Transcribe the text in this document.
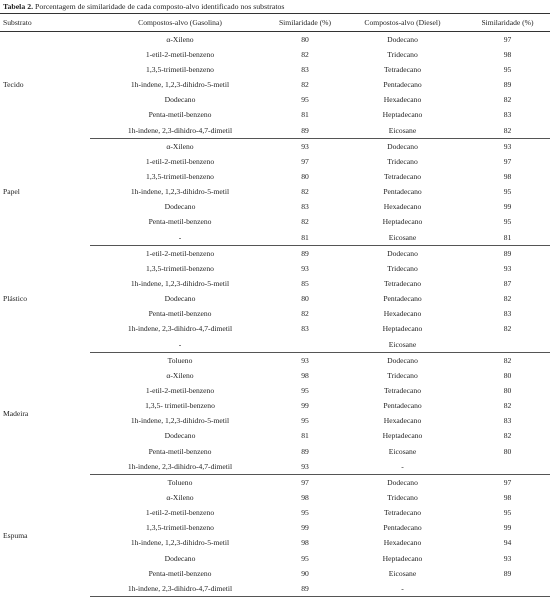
Tabela 2. Porcentagem de similaridade de cada composto-alvo identificado nos substratos
Substrato	Compostos-alvo (Gasolina)	Similaridade (%)	Compostos-alvo (Diesel)	Similaridade (%)
Tecido	α-Xileno	80	Dodecano	97
	1-etil-2-metil-benzeno	82	Tridecano	98
	1,3,5-trimetil-benzeno	83	Tetradecano	95
	1h-indene, 1,2,3-dihidro-5-metil	82	Pentadecano	89
	Dodecano	95	Hexadecano	82
	Penta-metil-benzeno	81	Heptadecano	83
	1h-indene, 2,3-dihidro-4,7-dimetil	89	Eicosane	82
Papel	α-Xileno	93	Dodecano	93
	1-etil-2-metil-benzeno	97	Tridecano	97
	1,3,5-trimetil-benzeno	80	Tetradecano	98
	1h-indene, 1,2,3-dihidro-5-metil	82	Pentadecano	95
	Dodecano	83	Hexadecano	99
	Penta-metil-benzeno	82	Heptadecano	95
	-	81	Eicosane	81
Plástico	1-etil-2-metil-benzeno	89	Dodecano	89
	1,3,5-trimetil-benzeno	93	Tridecano	93
	1h-indene, 1,2,3-dihidro-5-metil	85	Tetradecano	87
	Dodecano	80	Pentadecano	82
	Penta-metil-benzeno	82	Hexadecano	83
	1h-indene, 2,3-dihidro-4,7-dimetil	83	Heptadecano	82
	-		Eicosane	
Madeira	Tolueno	93	Dodecano	82
	α-Xileno	98	Tridecano	80
	1-etil-2-metil-benzeno	95	Tetradecano	80
	1,3,5- trimetil-benzeno	99	Pentadecano	82
	1h-indene, 1,2,3-dihidro-5-metil	95	Hexadecano	83
	Dodecano	81	Heptadecano	82
	Penta-metil-benzeno	89	Eicosane	80
	1h-indene, 2,3-dihidro-4,7-dimetil	93	-	
Espuma	Tolueno	97	Dodecano	97
	α-Xileno	98	Tridecano	98
	1-etil-2-metil-benzeno	95	Tetradecano	95
	1,3,5-trimetil-benzeno	99	Pentadecano	99
	1h-indene, 1,2,3-dihidro-5-metil	98	Hexadecano	94
	Dodecano	95	Heptadecano	93
	Penta-metil-benzeno	90	Eicosane	89
	1h-indene, 2,3-dihidro-4,7-dimetil	89	-	
